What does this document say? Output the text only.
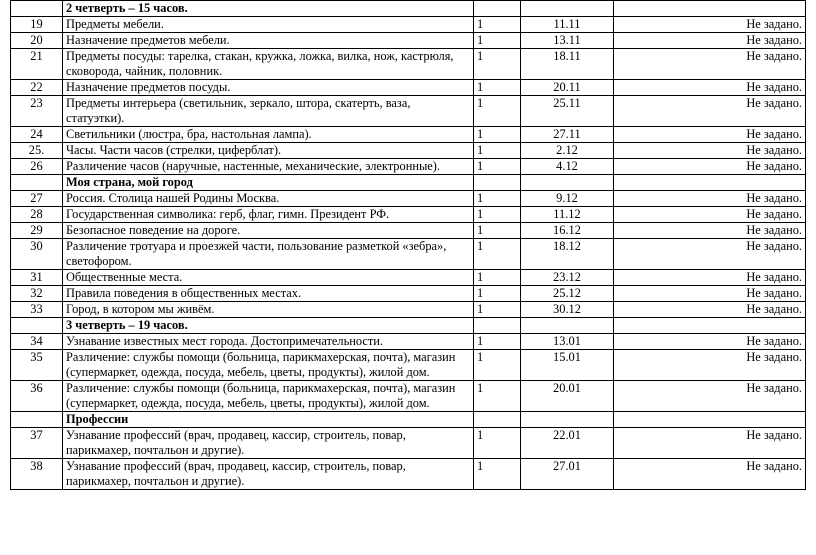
	2 четверть – 15 часов.			
19	Предметы мебели.	1	11.11	Не задано.
20	Назначение предметов мебели.	1	13.11	Не задано.
21	Предметы посуды: тарелка, стакан, кружка, ложка, вилка, нож, кастрюля, сковорода, чайник, половник.	1	18.11	Не задано.
22	Назначение предметов посуды.	1	20.11	Не задано.
23	Предметы интерьера (светильник, зеркало, штора, скатерть, ваза, статуэтки).	1	25.11	Не задано.
24	Светильники (люстра, бра, настольная лампа).	1	27.11	Не задано.
25.	Часы. Части часов (стрелки, циферблат).	1	2.12	Не задано.
26	Различение часов (наручные, настенные, механические, электронные).	1	4.12	Не задано.
	Моя страна, мой город			
27	Россия. Столица нашей Родины Москва.	1	9.12	Не задано.
28	Государственная символика: герб, флаг, гимн. Президент РФ.	1	11.12	Не задано.
29	Безопасное поведение на дороге.	1	16.12	Не задано.
30	Различение тротуара и проезжей части, пользование разметкой «зебра», светофором.	1	18.12	Не задано.
31	Общественные места.	1	23.12	Не задано.
32	Правила поведения в общественных местах.	1	25.12	Не задано.
33	Город, в котором мы живём.	1	30.12	Не задано.
	3 четверть – 19 часов.			
34	Узнавание известных мест города. Достопримечательности.	1	13.01	Не задано.
35	Различение: службы помощи (больница, парикмахерская, почта), магазин (супермаркет, одежда, посуда, мебель, цветы, продукты), жилой дом.	1	15.01	Не задано.
36	Различение: службы помощи (больница, парикмахерская, почта), магазин (супермаркет, одежда, посуда, мебель, цветы, продукты), жилой дом.	1	20.01	Не задано.
	Профессии			
37	Узнавание профессий (врач, продавец, кассир, строитель, повар, парикмахер, почтальон и другие).	1	22.01	Не задано.
38	Узнавание профессий (врач, продавец, кассир, строитель, повар, парикмахер, почтальон и другие).	1	27.01	Не задано.
